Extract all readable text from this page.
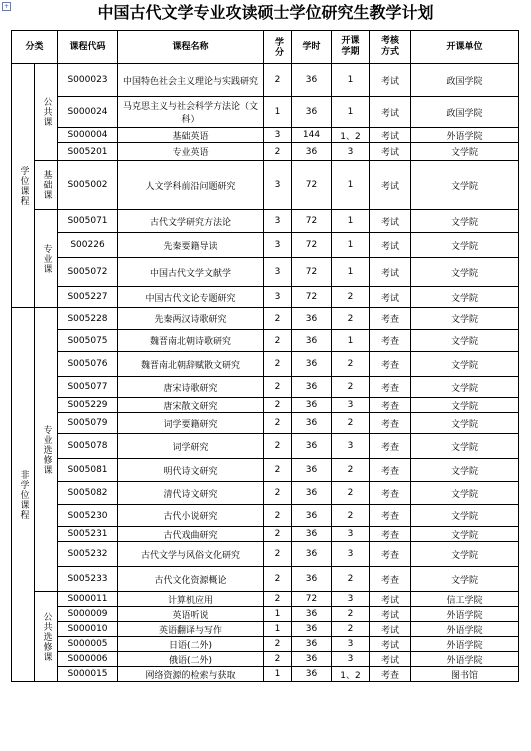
+	中国古代文学专业攻读硕士学位研究生教学计划
分类		课程代码	课程名称	学分	学时	开课学期	考核方式	开课单位

学位课程	公共课	S000023	中国特色社会主义理论与实践研究	2	36	1	考试	政国学院
		S000024	马克思主义与社会科学方法论（文科）	1	36	1	考试	政国学院
		S000004	基础英语	3	144	1、2	考试	外语学院
		S005201	专业英语	2	36	3	考试	文学院

	基础课	S005002	人文学科前沿问题研究	3	72	1	考试	文学院

	专业课	S005071	古代文学研究方法论	3	72	1	考试	文学院
		S00226	先秦要籍导读	3	72	1	考试	文学院
		S005072	中国古代文学文献学	3	72	1	考试	文学院
		S005227	中国古代文论专题研究	3	72	2	考试	文学院

非学位课程	专业选修课	S005228	先秦两汉诗歌研究	2	36	2	考查	文学院
		S005075	魏晋南北朝诗歌研究	2	36	1	考查	文学院
		S005076	魏晋南北朝辞赋散文研究	2	36	2	考查	文学院
		S005077	唐宋诗歌研究	2	36	2	考查	文学院
		S005229	唐宋散文研究	2	36	3	考查	文学院
		S005079	词学要籍研究	2	36	2	考查	文学院
		S005078	词学研究	2	36	3	考查	文学院
		S005081	明代诗文研究	2	36	2	考查	文学院
		S005082	清代诗文研究	2	36	2	考查	文学院
		S005230	古代小说研究	2	36	2	考查	文学院
		S005231	古代戏曲研究	2	36	3	考查	文学院
		S005232	古代文学与风俗文化研究	2	36	3	考查	文学院
		S005233	古代文化资源概论	2	36	2	考查	文学院

	公共选修课	S000011	计算机应用	2	72	3	考试	信工学院
		S000009	英语听说	1	36	2	考试	外语学院
		S000010	英语翻译与写作	1	36	2	考试	外语学院
		S000005	日语(二外)	2	36	3	考试	外语学院
		S000006	俄语(二外)	2	36	3	考试	外语学院
		S000015	网络资源的检索与获取	1	36	1、2	考查	图书馆
